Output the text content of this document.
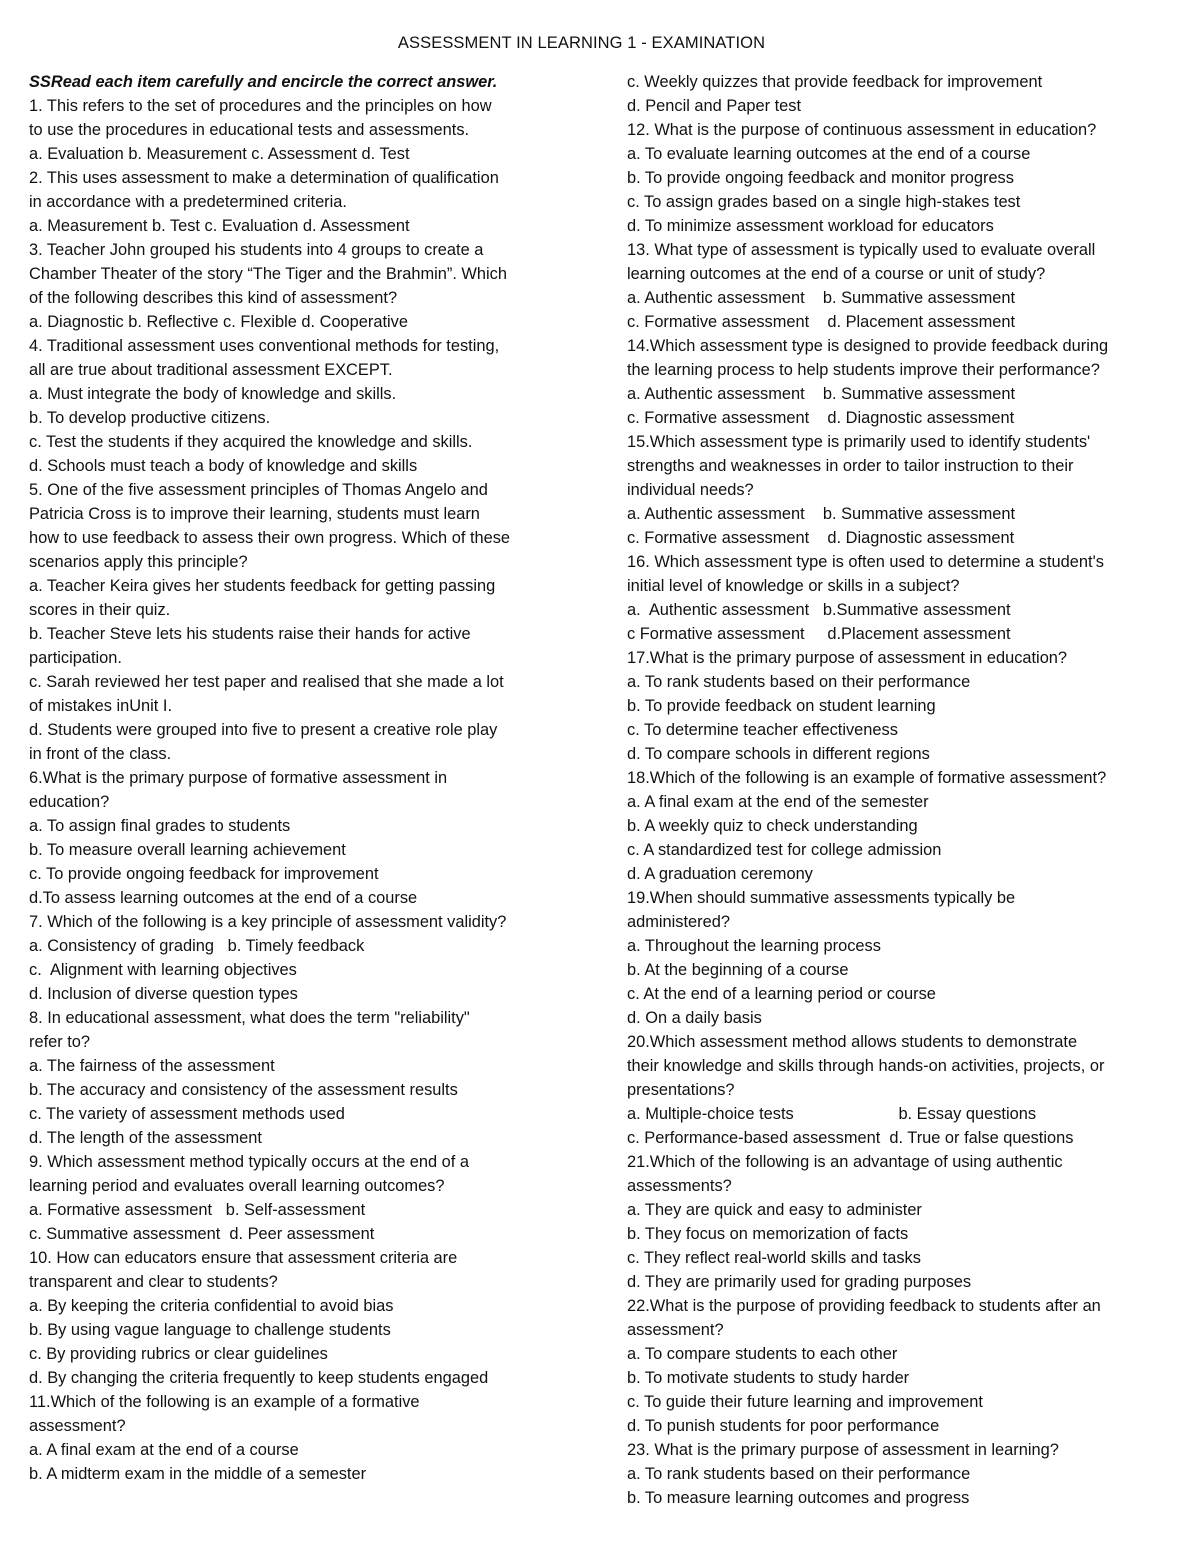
ASSESSMENT IN LEARNING 1 - EXAMINATION
SSRead each item carefully and encircle the correct answer.
1. This refers to the set of procedures and the principles on how
to use the procedures in educational tests and assessments.
a. Evaluation b. Measurement c. Assessment d. Test
2. This uses assessment to make a determination of qualification
in accordance with a predetermined criteria.
a. Measurement b. Test c. Evaluation d. Assessment
3. Teacher John grouped his students into 4 groups to create a
Chamber Theater of the story “The Tiger and the Brahmin”. Which
of the following describes this kind of assessment?
a. Diagnostic b. Reflective c. Flexible d. Cooperative
4. Traditional assessment uses conventional methods for testing,
all are true about traditional assessment EXCEPT.
a. Must integrate the body of knowledge and skills.
b. To develop productive citizens.
c. Test the students if they acquired the knowledge and skills.
d. Schools must teach a body of knowledge and skills
5. One of the five assessment principles of Thomas Angelo and
Patricia Cross is to improve their learning, students must learn
how to use feedback to assess their own progress. Which of these
scenarios apply this principle?
a. Teacher Keira gives her students feedback for getting passing
scores in their quiz.
b. Teacher Steve lets his students raise their hands for active
participation.
c. Sarah reviewed her test paper and realised that she made a lot
of mistakes inUnit I.
d. Students were grouped into five to present a creative role play
in front of the class.
6.What is the primary purpose of formative assessment in
education?
a. To assign final grades to students
b. To measure overall learning achievement
c. To provide ongoing feedback for improvement
d.To assess learning outcomes at the end of a course
7. Which of the following is a key principle of assessment validity?
a. Consistency of grading   b. Timely feedback
c.  Alignment with learning objectives
d. Inclusion of diverse question types
8. In educational assessment, what does the term "reliability"
refer to?
a. The fairness of the assessment
b. The accuracy and consistency of the assessment results
c. The variety of assessment methods used
d. The length of the assessment
9. Which assessment method typically occurs at the end of a
learning period and evaluates overall learning outcomes?
a. Formative assessment   b. Self-assessment
c. Summative assessment  d. Peer assessment
10. How can educators ensure that assessment criteria are
transparent and clear to students?
a. By keeping the criteria confidential to avoid bias
b. By using vague language to challenge students
c. By providing rubrics or clear guidelines
d. By changing the criteria frequently to keep students engaged
11.Which of the following is an example of a formative
assessment?
a. A final exam at the end of a course
b. A midterm exam in the middle of a semester
c. Weekly quizzes that provide feedback for improvement
d. Pencil and Paper test
12. What is the purpose of continuous assessment in education?
a. To evaluate learning outcomes at the end of a course
b. To provide ongoing feedback and monitor progress
c. To assign grades based on a single high-stakes test
d. To minimize assessment workload for educators
13. What type of assessment is typically used to evaluate overall
learning outcomes at the end of a course or unit of study?
a. Authentic assessment    b. Summative assessment
c. Formative assessment    d. Placement assessment
14.Which assessment type is designed to provide feedback during
the learning process to help students improve their performance?
a. Authentic assessment    b. Summative assessment
c. Formative assessment    d. Diagnostic assessment
15.Which assessment type is primarily used to identify students'
strengths and weaknesses in order to tailor instruction to their
individual needs?
a. Authentic assessment    b. Summative assessment
c. Formative assessment    d. Diagnostic assessment
16. Which assessment type is often used to determine a student's
initial level of knowledge or skills in a subject?
a.  Authentic assessment   b.Summative assessment
c Formative assessment     d.Placement assessment
17.What is the primary purpose of assessment in education?
a. To rank students based on their performance
b. To provide feedback on student learning
c. To determine teacher effectiveness
d. To compare schools in different regions
18.Which of the following is an example of formative assessment?
a. A final exam at the end of the semester
b. A weekly quiz to check understanding
c. A standardized test for college admission
d. A graduation ceremony
19.When should summative assessments typically be
administered?
a. Throughout the learning process
b. At the beginning of a course
c. At the end of a learning period or course
d. On a daily basis
20.Which assessment method allows students to demonstrate
their knowledge and skills through hands-on activities, projects, or
presentations?
a. Multiple-choice tests                       b. Essay questions
c. Performance-based assessment  d. True or false questions
21.Which of the following is an advantage of using authentic
assessments?
a. They are quick and easy to administer
b. They focus on memorization of facts
c. They reflect real-world skills and tasks
d. They are primarily used for grading purposes
22.What is the purpose of providing feedback to students after an
assessment?
a. To compare students to each other
b. To motivate students to study harder
c. To guide their future learning and improvement
d. To punish students for poor performance
23. What is the primary purpose of assessment in learning?
a. To rank students based on their performance
b. To measure learning outcomes and progress
